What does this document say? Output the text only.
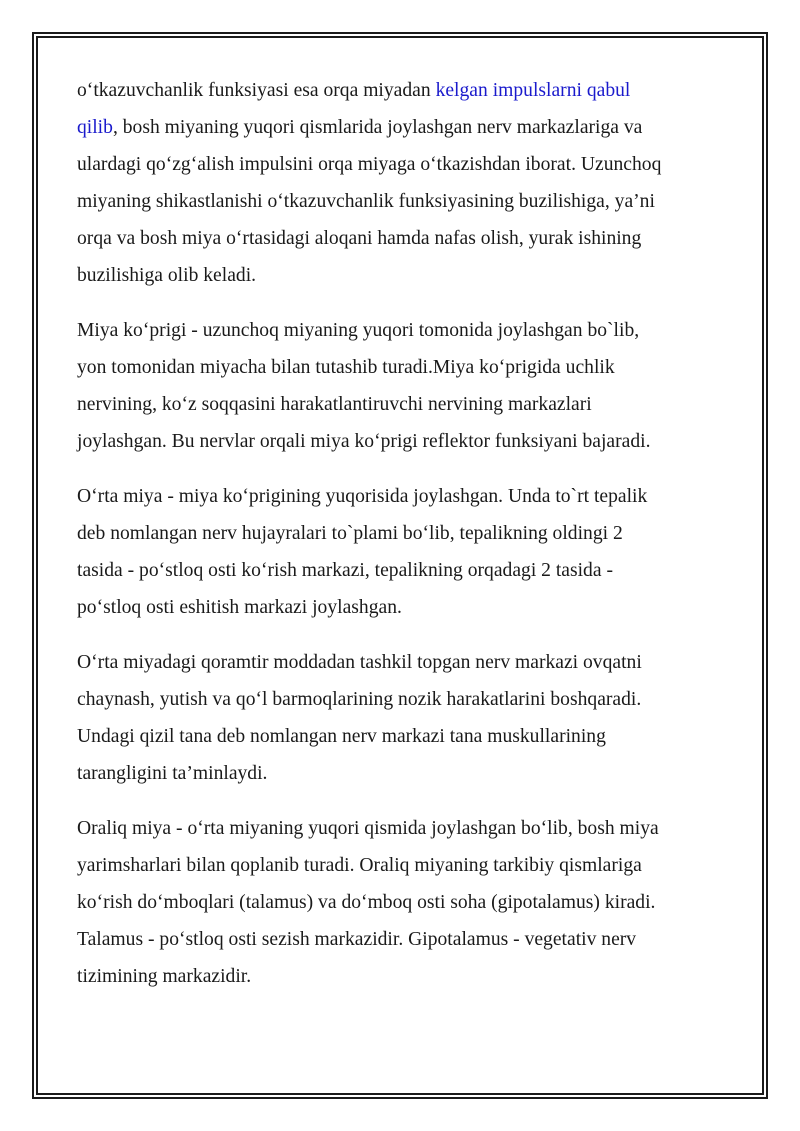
o‘tkazuvchanlik funksiyasi esa orqa miyadan kelgan impulslarni qabul
qilib, bosh miyaning yuqori qismlarida joylashgan nerv markazlariga va
ulardagi qo‘zg‘alish impulsini orqa miyaga o‘tkazishdan iborat. Uzunchoq
miyaning shikastlanishi o‘tkazuvchanlik funksiyasining buzilishiga, ya’ni
orqa va bosh miya o‘rtasidagi aloqani hamda nafas olish, yurak ishining
buzilishiga olib keladi.
Miya ko‘prigi - uzunchoq miyaning yuqori tomonida joylashgan bo`lib,
yon tomonidan miyacha bilan tutashib turadi.Miya ko‘prigida uchlik
nervining, ko‘z soqqasini harakatlantiruvchi nervining markazlari
joylashgan. Bu nervlar orqali miya ko‘prigi reflektor funksiyani bajaradi.
O‘rta miya - miya ko‘prigining yuqorisida joylashgan. Unda to`rt tepalik
deb nomlangan nerv hujayralari to`plami bo‘lib, tepalikning oldingi 2
tasida - po‘stloq osti ko‘rish markazi, tepalikning orqadagi 2 tasida -
po‘stloq osti eshitish markazi joylashgan.
O‘rta miyadagi qoramtir moddadan tashkil topgan nerv markazi ovqatni
chaynash, yutish va qo‘l barmoqlarining nozik harakatlarini boshqaradi.
Undagi qizil tana deb nomlangan nerv markazi tana muskullarining
tarangligini ta’minlaydi.
Oraliq miya - o‘rta miyaning yuqori qismida joylashgan bo‘lib, bosh miya
yarimsharlari bilan qoplanib turadi. Oraliq miyaning tarkibiy qismlariga
ko‘rish do‘mboqlari (talamus) va do‘mboq osti soha (gipotalamus) kiradi.
Talamus - po‘stloq osti sezish markazidir. Gipotalamus - vegetativ nerv
tizimining markazidir.
